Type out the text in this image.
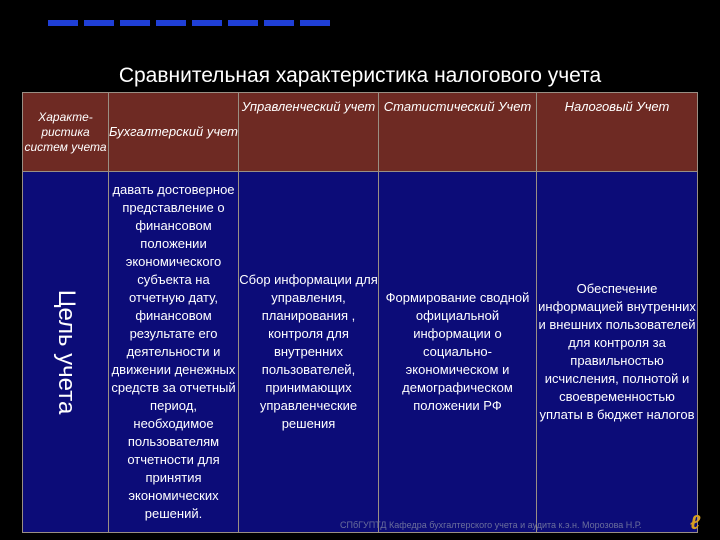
Сравнительная характеристика налогового учета
Характе-ристика систем учета	Бухгалтерский учет	Управленческий учет	Статистический Учет	Налоговый Учет

Цель учета	давать достоверное представление о финансовом положении экономического субъекта на отчетную дату, финансовом результате его деятельности и движении денежных средств за отчетный период, необходимое пользователям отчетности для принятия экономических решений.	Сбор информации для управления, планирования , контроля для внутренних пользователей, принимающих управленческие решения	Формирование сводной официальной информации о социально-экономическом и демографическом положении РФ	Обеспечение информацией внутренних и внешних пользователей для контроля за правильностью исчисления, полнотой и своевременностью уплаты в бюджет налогов
СПбГУПТД Кафедра бухгалтерского учета и аудита к.э.н. Морозова Н.Р. ℓ
